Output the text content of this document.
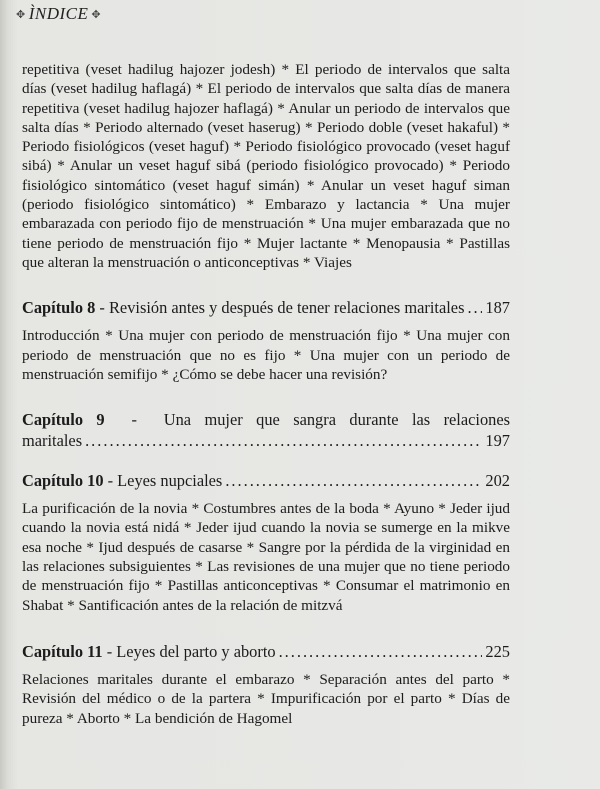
✥ ÌNDICE ✥

repetitiva (veset hadilug hajozer jodesh) * El periodo de intervalos que salta días (veset hadilug haflagá) * El periodo de intervalos que salta días de manera repetitiva (veset hadilug hajozer haflagá) * Anular un periodo de intervalos que salta días * Periodo alternado (veset haserug) * Periodo doble (veset hakaful) * Periodo fisiológicos (veset haguf) * Periodo fisiológico provocado (veset haguf sibá) * Anular un veset haguf sibá (periodo fisiológico provocado) * Periodo fisiológico sintomático (veset haguf simán) * Anular un veset haguf siman (periodo fisiológico sintomático) * Embarazo y lactancia * Una mujer embarazada con periodo fijo de menstruación * Una mujer embarazada que no tiene periodo de menstruación fijo * Mujer lactante * Menopausia * Pastillas que alteran la menstruación o anticonceptivas * Viajes

Capítulo 8 - Revisión antes y después de tener relaciones maritales ..... 187

Introducción * Una mujer con periodo de menstruación fijo * Una mujer con periodo de menstruación que no es fijo * Una mujer con un periodo de menstruación semifijo * ¿Cómo se debe hacer una revisión?

Capítulo 9  -  Una mujer que sangra durante las relaciones

maritales .....	197
Capítulo 10 - Leyes nupciales .....	202

La purificación de la novia * Costumbres antes de la boda * Ayuno * Jeder ijud cuando la novia está nidá * Jeder ijud cuando la novia se sumerge en la mikve esa noche * Ijud después de casarse * Sangre por la pérdida de la virginidad en las relaciones subsiguientes * Las revisiones de una mujer que no tiene periodo de menstruación fijo * Pastillas anticonceptivas * Consumar el matrimonio en Shabat * Santificación antes de la relación de mitzvá

Capítulo 11 - Leyes del parto y aborto .....	225

Relaciones maritales durante el embarazo * Separación antes del parto * Revisión del médico o de la partera * Impurificación por el parto * Días de pureza * Aborto * La bendición de Hagomel
